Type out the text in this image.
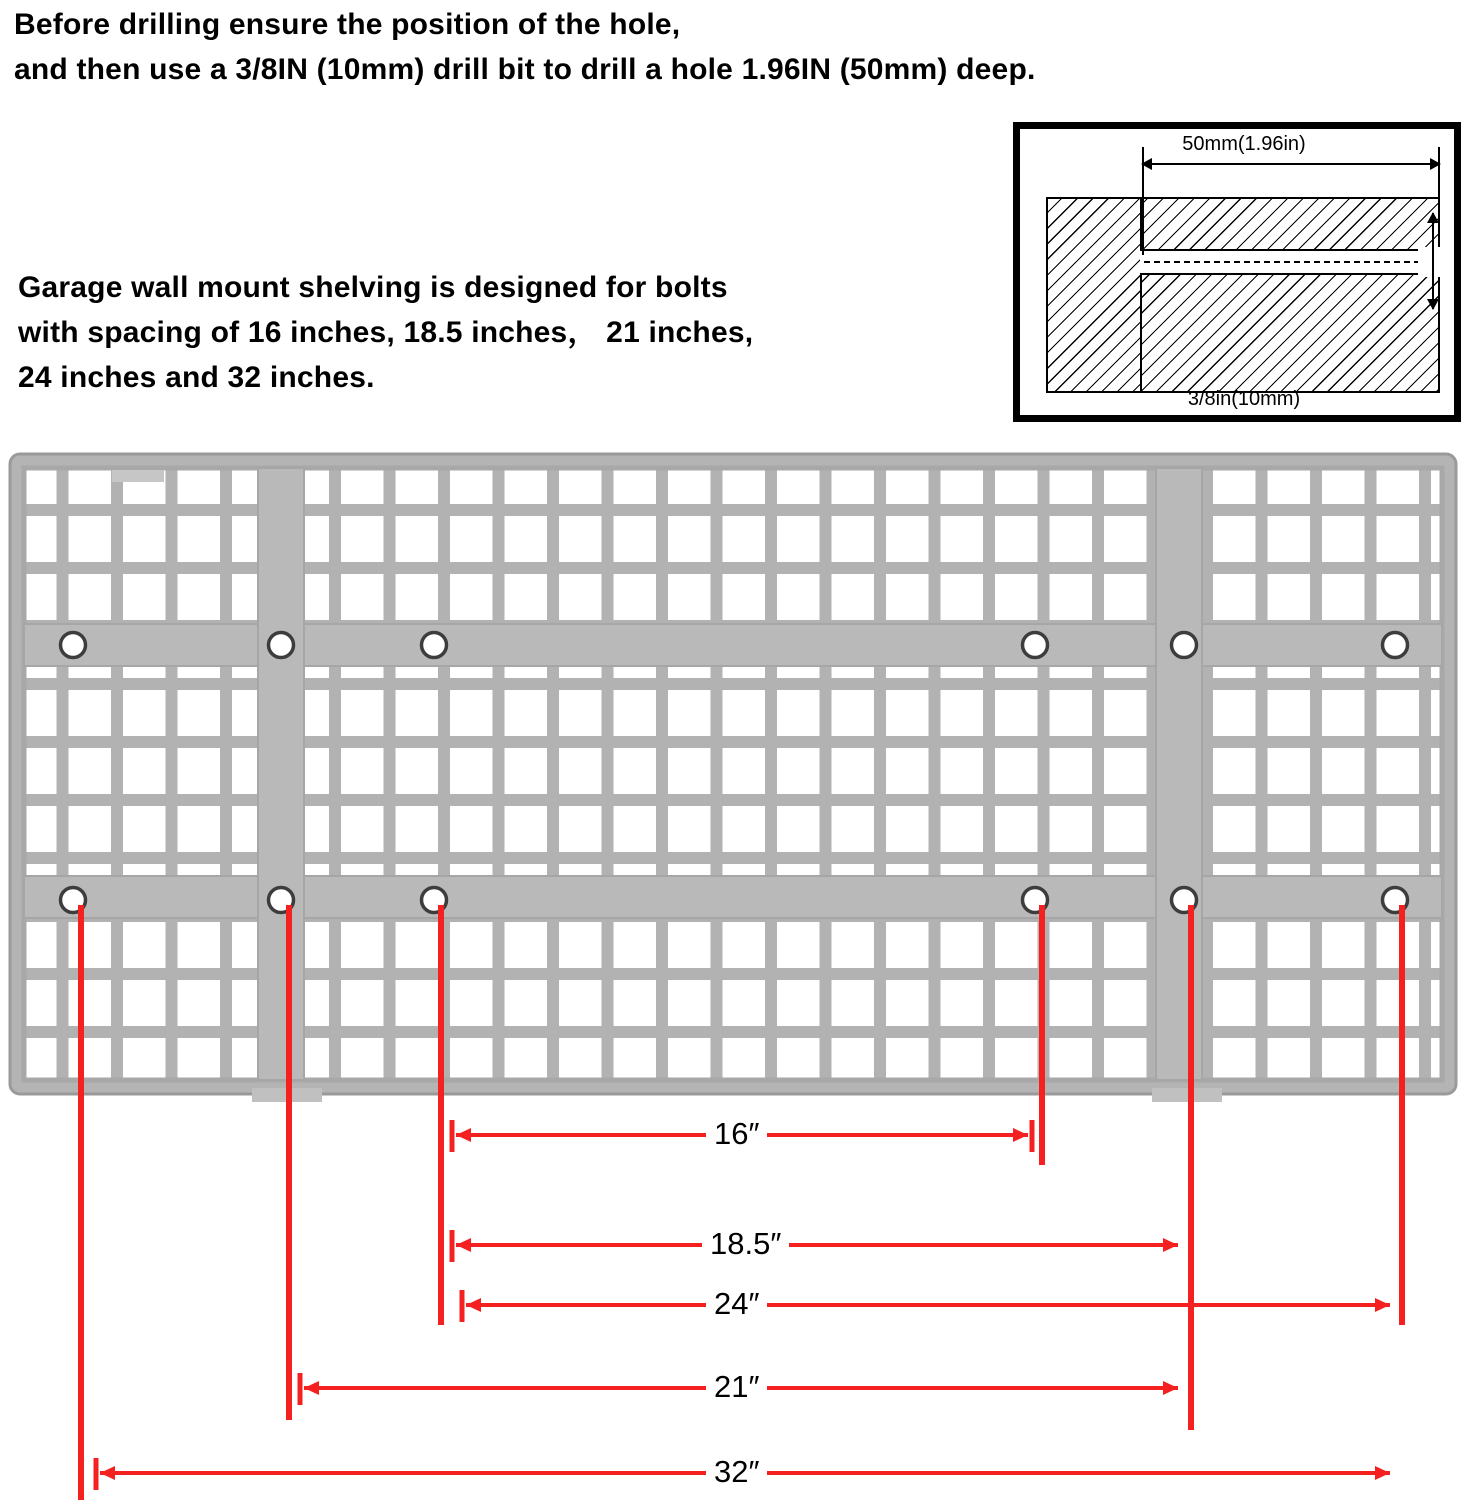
Before drilling ensure the position of the hole,
and then use a 3/8IN (10mm) drill bit to drill a hole 1.96IN (50mm) deep.
50mm(1.96in)
3/8in(10mm)
Garage wall mount shelving is designed for bolts
with spacing of 16 inches, 18.5 inches， 21 inches,
24 inches and 32 inches.
16″
18.5″
24″
21″
32″
